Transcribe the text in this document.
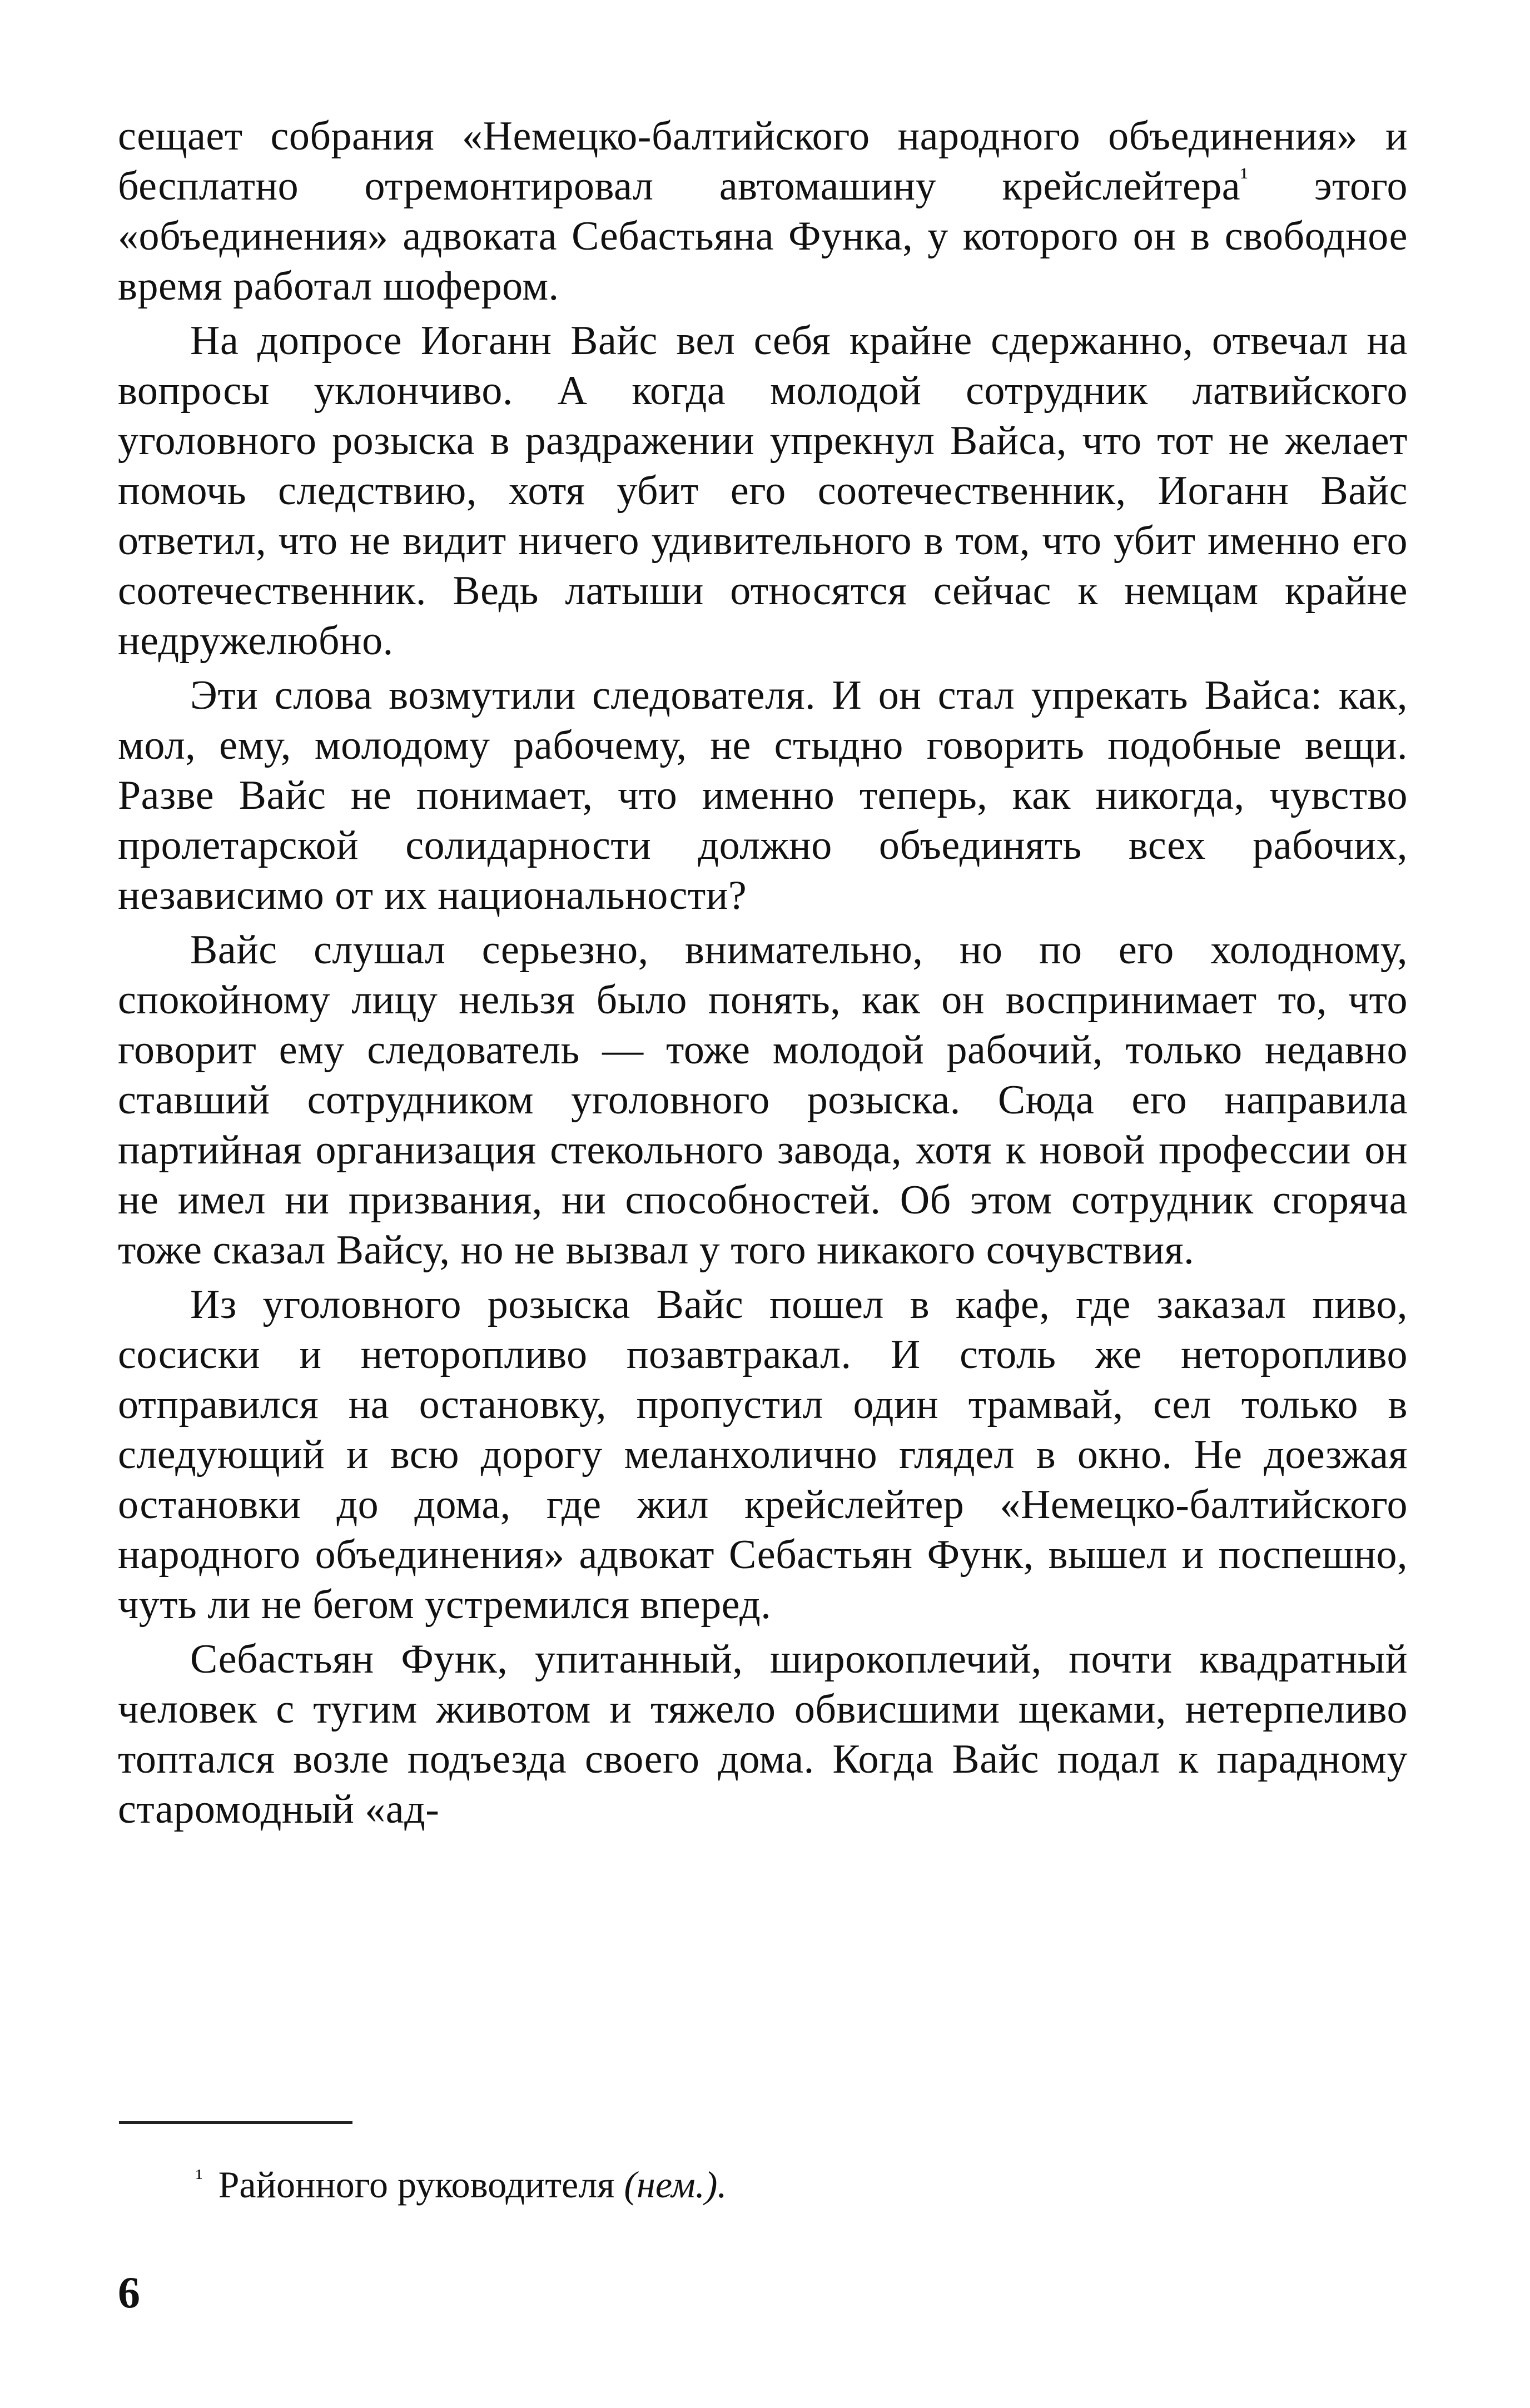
сещает собрания «Немецко-балтийского народного объединения» и бесплатно отремонтировал автомашину крейслейтера$^{^1}$ этого «объединения» адвоката Себастьяна Функа, у которого он в свободное время работал шофером.

На допросе Иоганн Вайс вел себя крайне сдержанно, отвечал на вопросы уклончиво. А когда молодой сотрудник латвийского уголовного розыска в раздражении упрекнул Вайса, что тот не желает помочь следствию, хотя убит его соотечественник, Иоганн Вайс ответил, что не видит ничего удивительного в том, что убит именно его соотечественник. Ведь латыши относятся сейчас к немцам крайне недружелюбно.

Эти слова возмутили следователя. И он стал упрекать Вайса: как, мол, ему, молодому рабочему, не стыдно говорить подобные вещи. Разве Вайс не понимает, что именно теперь, как никогда, чувство пролетарской солидарности должно объединять всех рабочих, независимо от их национальности?

Вайс слушал серьезно, внимательно, но по его холодному, спокойному лицу нельзя было понять, как он воспринимает то, что говорит ему следователь — тоже молодой рабочий, только недавно ставший сотрудником уголовного розыска. Сюда его направила партийная организация стекольного завода, хотя к новой профессии он не имел ни призвания, ни способностей. Об этом сотрудник сгоряча тоже сказал Вайсу, но не вызвал у того никакого сочувствия.

Из уголовного розыска Вайс пошел в кафе, где заказал пиво, сосиски и неторопливо позавтракал. И столь же неторопливо отправился на остановку, пропустил один трамвай, сел только в следующий и всю дорогу меланхолично глядел в окно. Не доезжая остановки до дома, где жил крейслейтер «Немецко-балтийского народного объединения» адвокат Себастьян Функ, вышел и поспешно, чуть ли не бегом устремился вперед.

Себастьян Функ, упитанный, широкоплечий, почти квадратный человек с тугим животом и тяжело обвисшими щеками, нетерпеливо топтался возле подъезда своего дома. Когда Вайс подал к парадному старомодный «ад-

$^{^1}$ Районного руководителя (нем.).
6
